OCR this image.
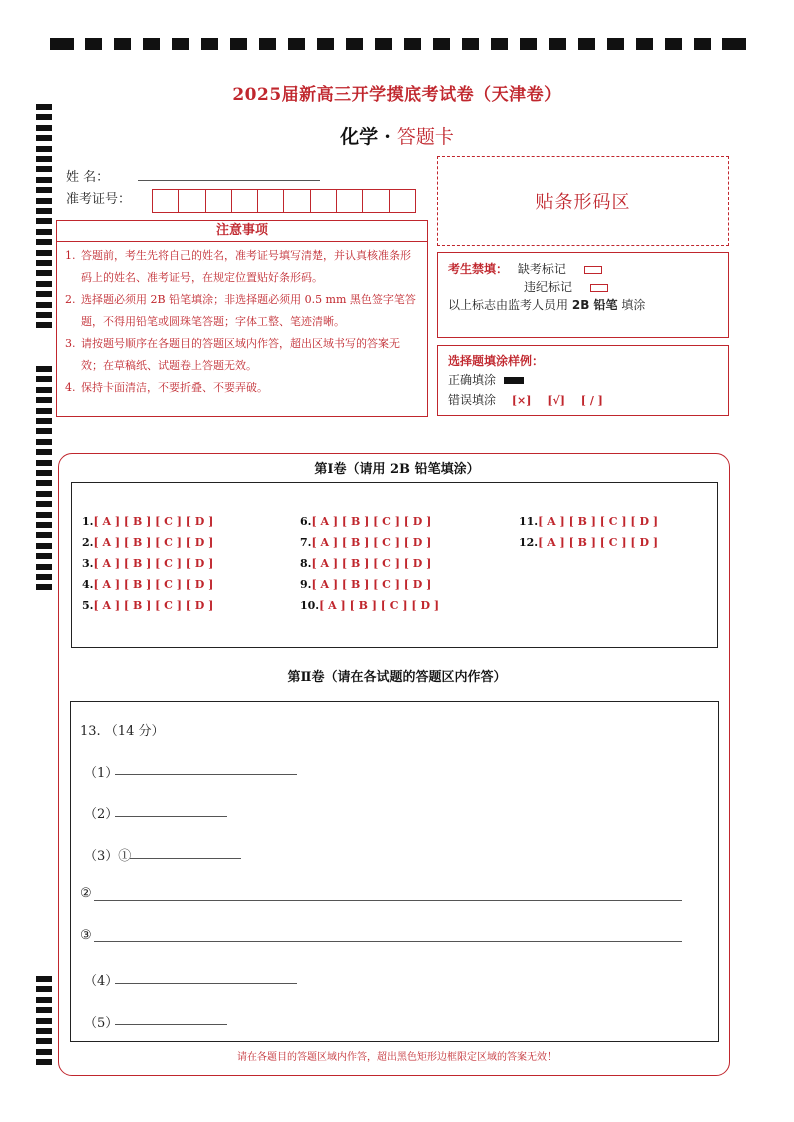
2025届新高三开学摸底考试卷（天津卷）
化学 · 答题卡
姓 名：
准考证号：	贴条形码区
注意事项
1. 答题前，考生先将自己的姓名，准考证号填写清楚，并认真核准条形码上的姓名、准考证号，在规定位置贴好条形码。
2. 选择题必须用 2B 铅笔填涂；非选择题必须用 0.5 mm 黑色签字笔答题，不得用铅笔或圆珠笔答题；字体工整、笔迹清晰。
3. 请按题号顺序在各题目的答题区域内作答，超出区域书写的答案无效；在草稿纸、试题卷上答题无效。
4. 保持卡面清洁，不要折叠、不要弄破。
考生禁填： 缺考标记
违纪标记
以上标志由监考人员用 2B 铅笔 填涂
选择题填涂样例：
正确填涂
错误填涂 [×] [√] [ / ]
第Ⅰ卷（请用 2B 铅笔填涂）
1.[ A ] [ B ] [ C ] [ D ]
2.[ A ] [ B ] [ C ] [ D ]
3.[ A ] [ B ] [ C ] [ D ]
4.[ A ] [ B ] [ C ] [ D ]
5.[ A ] [ B ] [ C ] [ D ]
6.[ A ] [ B ] [ C ] [ D ]
7.[ A ] [ B ] [ C ] [ D ]
8.[ A ] [ B ] [ C ] [ D ]
9.[ A ] [ B ] [ C ] [ D ]
10.[ A ] [ B ] [ C ] [ D ]
11.[ A ] [ B ] [ C ] [ D ]
12.[ A ] [ B ] [ C ] [ D ]
第Ⅱ卷（请在各试题的答题区内作答）
13. （14 分）
（1）
（2）
（3）①
②
③
（4）
（5）
请在各题目的答题区域内作答，超出黑色矩形边框限定区域的答案无效！
